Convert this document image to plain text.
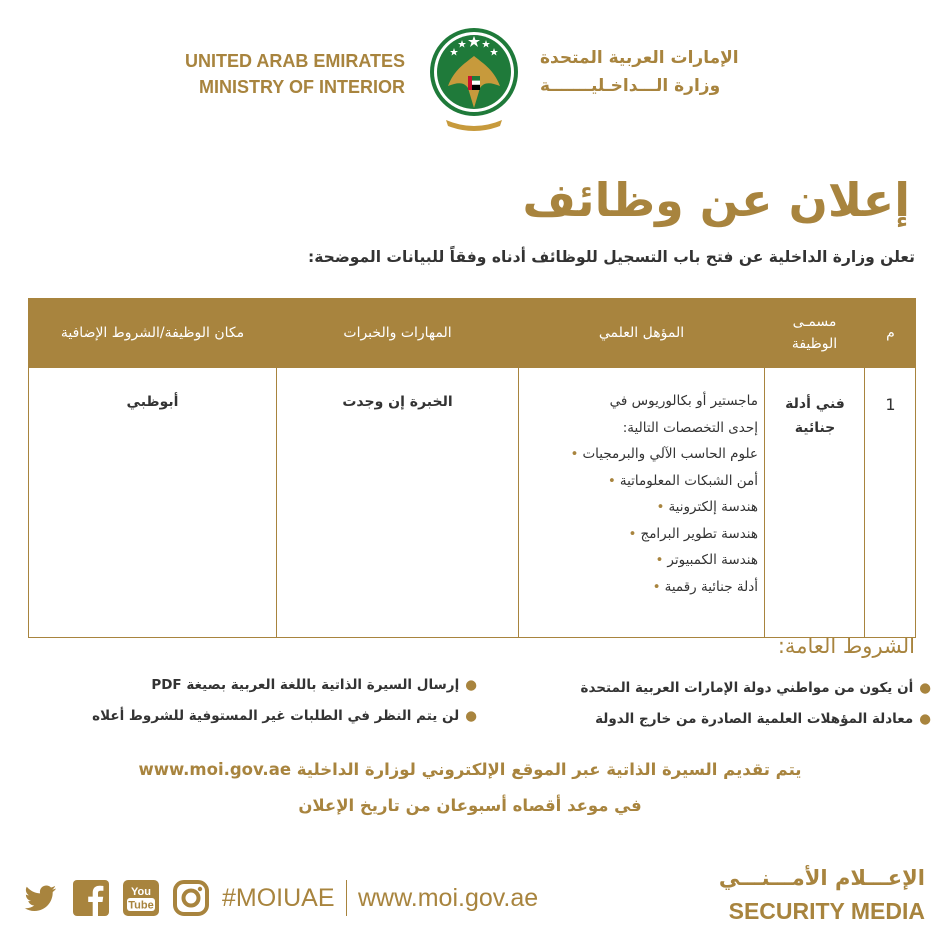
UNITED ARAB EMIRATES
MINISTRY OF INTERIOR
الإمارات العربية المتحدة
وزارة الـــداخـليـــــــة
إعلان عن وظائف
تعلن وزارة الداخلية عن فتح باب التسجيل للوظائف أدناه وفقاً للبيانات الموضحة:
م
مسمـى الوظيفة
المؤهل العلمي
المهارات والخبرات
مكان الوظيفة/الشروط الإضافية
1
فني أدلة جنائية
ماجستير أو بكالوريوس في
إحدى التخصصات التالية:
علوم الحاسب الآلي والبرمجيات •
أمن الشبكات المعلوماتية •
هندسة إلكترونية •
هندسة تطوير البرامج •
هندسة الكمبيوتر •
أدلة جنائية رقمية •
الخبرة إن وجدت
أبوظبي
الشروط العامة:
●أن يكون من مواطني دولة الإمارات العربية المتحدة
●معادلة المؤهلات العلمية الصادرة من خارج الدولة
●إرسال السيرة الذاتية باللغة العربية بصيغة PDF
●لن يتم النظر في الطلبات غير المستوفية للشروط أعلاه
يتم تقديم السيرة الذاتية عبر الموقع الإلكتروني لوزارة الداخلية www.moi.gov.ae
في موعد أقصاه أسبوعان من تاريخ الإعلان
You
Tube	#MOIUAE www.moi.gov.ae
الإعـــلام الأمـــنـــي
SECURITY MEDIA
